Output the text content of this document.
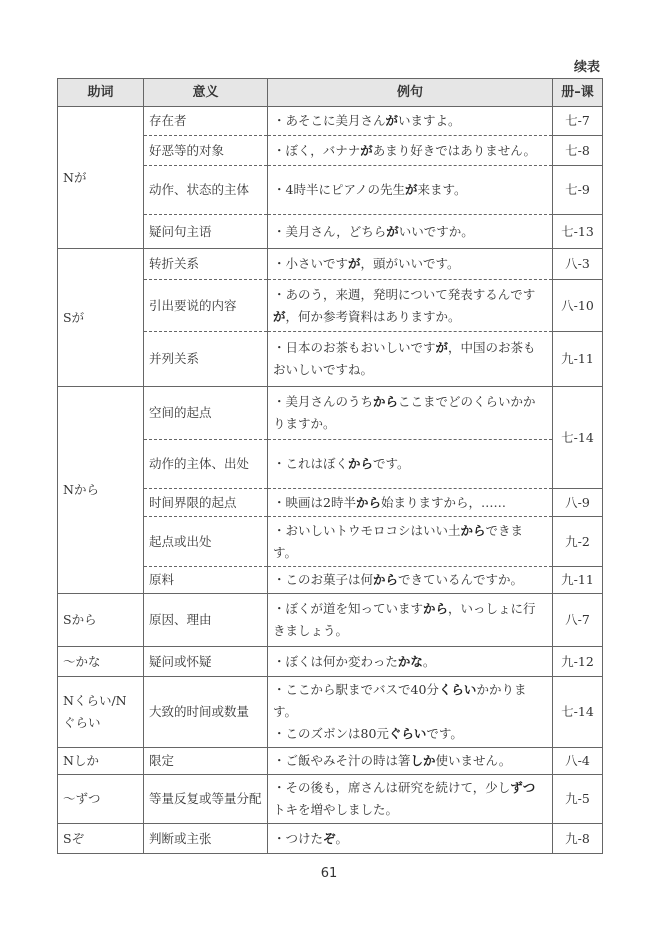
续表
助词	意义	例句	册–课
Nが	存在者	・あそこに美月さんがいますよ。	七-7
	好恶等的对象	・ぼく，バナナがあまり好きではありません。	七-8
	动作、状态的主体	・4時半にピアノの先生が来ます。	七-9
	疑问句主语	・美月さん，どちらがいいですか。	七-13
Sが	转折关系	・小さいですが，頭がいいです。	八-3
	引出要说的内容	・あのう，来週，発明について発表するんですが，何か参考資料はありますか。	八-10
	并列关系	・日本のお茶もおいしいですが，中国のお茶もおいしいですね。	九-11
Nから	空间的起点	・美月さんのうちからここまでどのくらいかかりますか。	七-14
	动作的主体、出处	・これはぼくからです。	

	时间界限的起点	・映画は2時半から始まりますから，……	八-9
	起点或出处	・おいしいトウモロコシはいい土からできます。	九-2
	原料	・このお菓子は何からできているんですか。	九-11
Sから	原因、理由	・ぼくが道を知っていますから，いっしょに行きましょう。	八-7
〜かな	疑问或怀疑	・ぼくは何か変わったかな。	九-12
Nくらい/Nぐらい	大致的时间或数量	・ここから駅までバスで40分くらいかかります。
・このズボンは80元ぐらいです。	七-14
Nしか	限定	・ご飯やみそ汁の時は箸しか使いません。	八-4
〜ずつ	等量反复或等量分配	・その後も，席さんは研究を続けて，少しずつトキを増やしました。	九-5
Sぞ	判断或主张	・つけたぞ。	九-8
61
